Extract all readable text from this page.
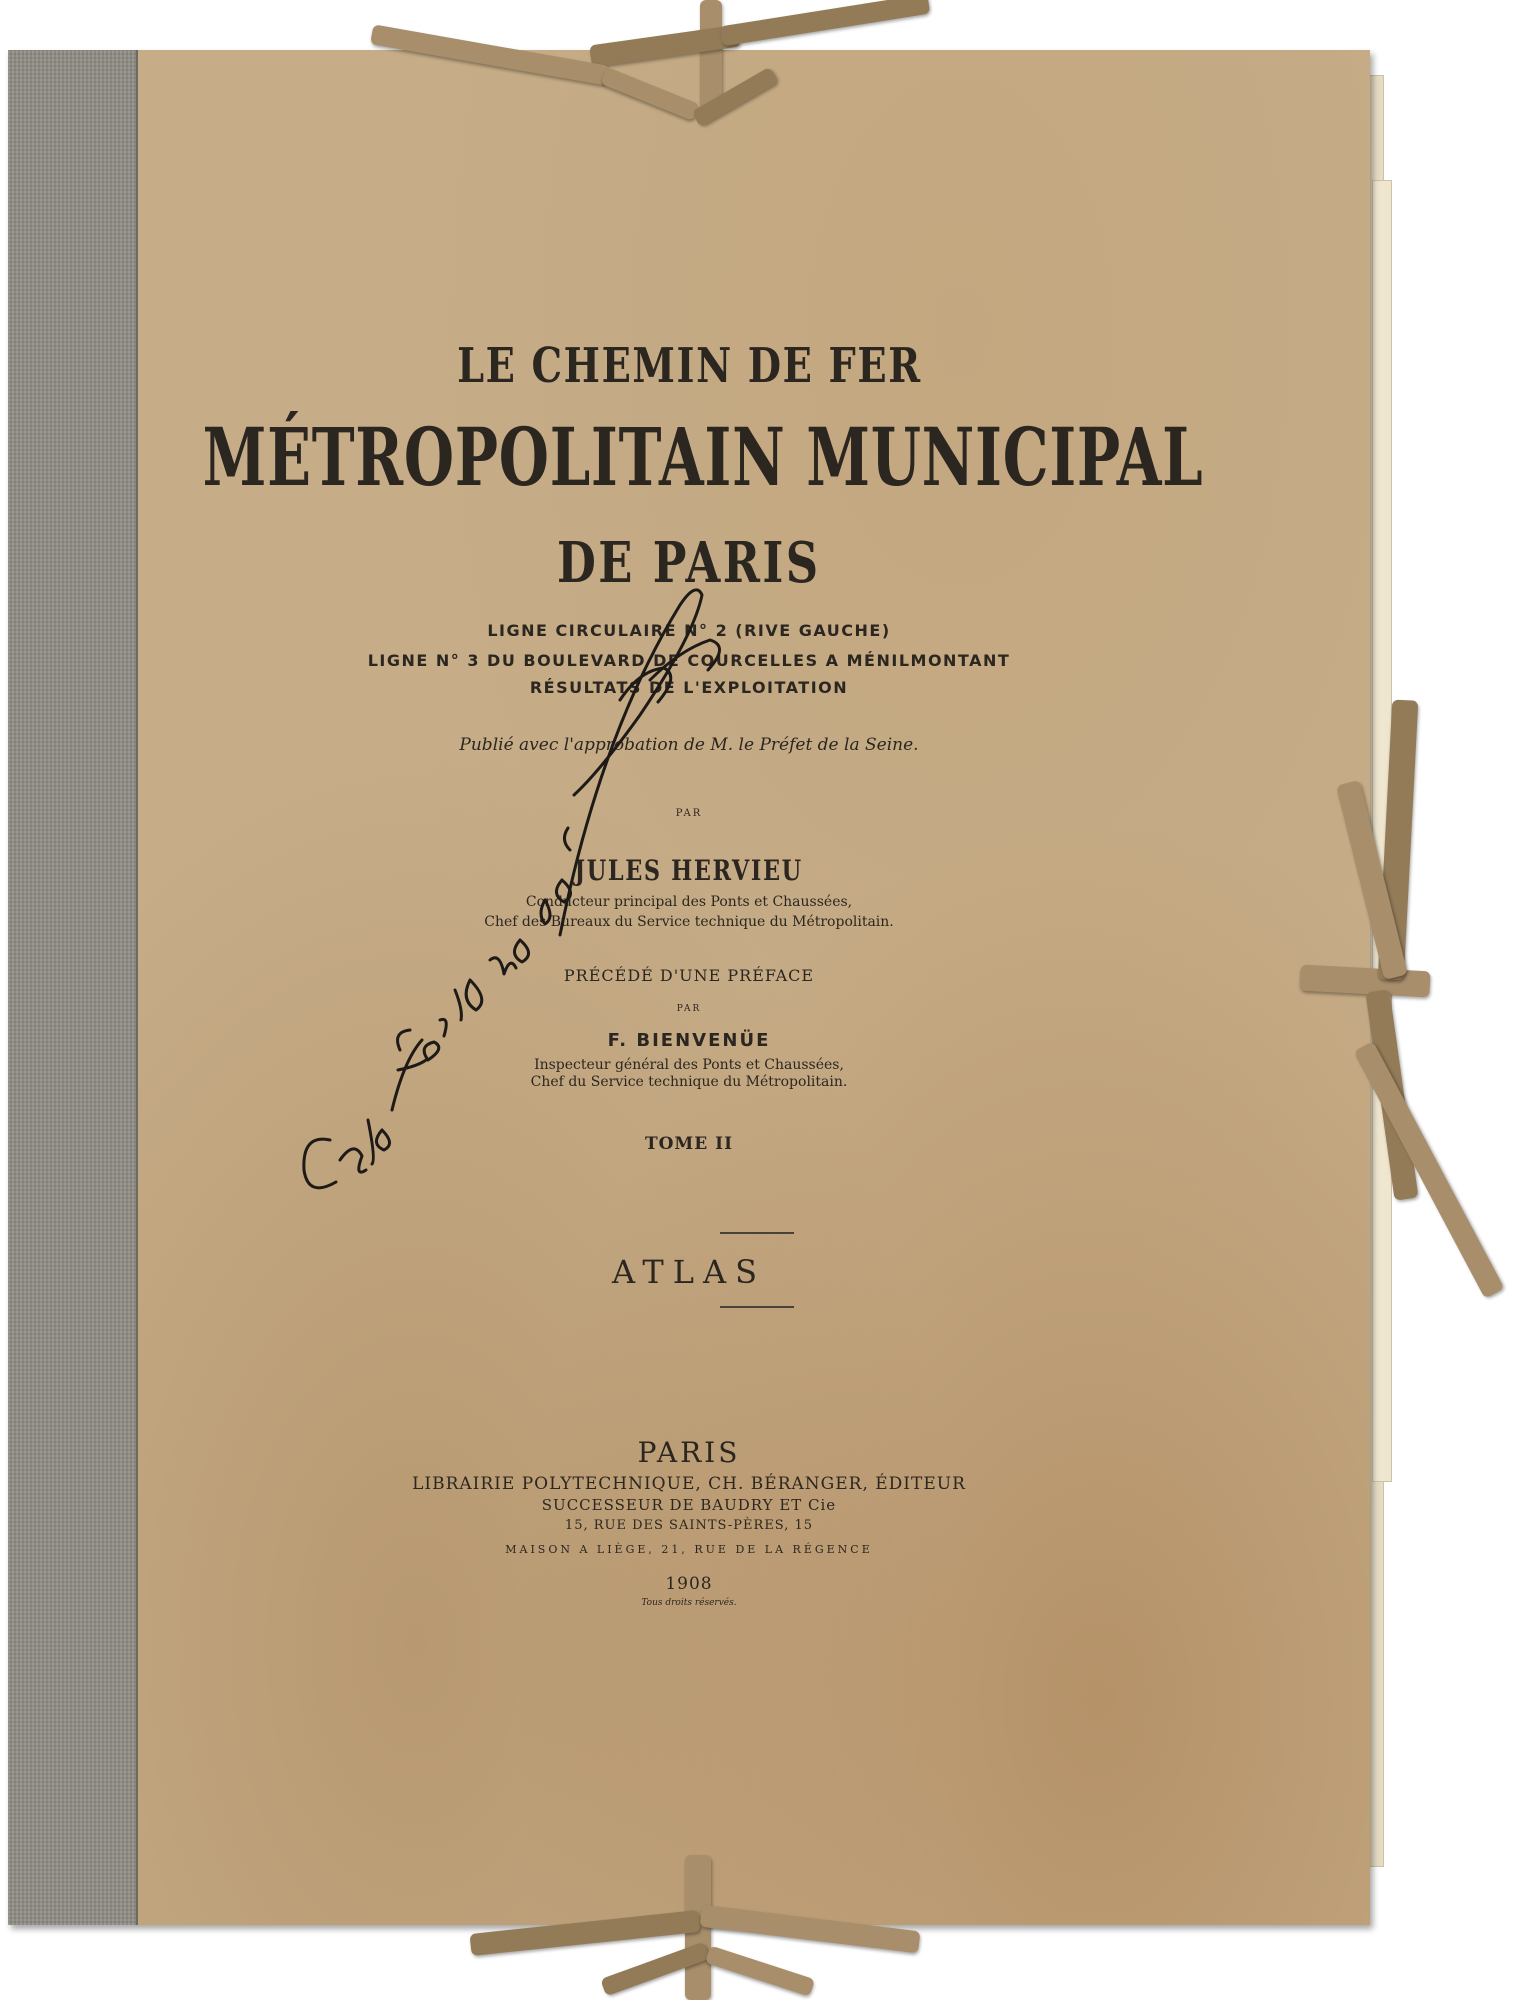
LE CHEMIN DE FER
MÉTROPOLITAIN MUNICIPAL
DE PARIS

LIGNE CIRCULAIRE N° 2 (RIVE GAUCHE)

LIGNE N° 3 DU BOULEVARD DE COURCELLES A MÉNILMONTANT

RÉSULTATS DE L'EXPLOITATION

Publié avec l'approbation de M. le Préfet de la Seine.

PAR

JULES HERVIEU

Conducteur principal des Ponts et Chaussées,

Chef des Bureaux du Service technique du Métropolitain.

PRÉCÉDÉ D'UNE PRÉFACE

PAR

F. BIENVENÜE

Inspecteur général des Ponts et Chaussées,

Chef du Service technique du Métropolitain.

TOME II

ATLAS

PARIS

LIBRAIRIE POLYTECHNIQUE, CH. BÉRANGER, ÉDITEUR

SUCCESSEUR DE BAUDRY ET Cie

15, RUE DES SAINTS-PÈRES, 15

MAISON A LIÈGE, 21, RUE DE LA RÉGENCE

1908

Tous droits réservés.
